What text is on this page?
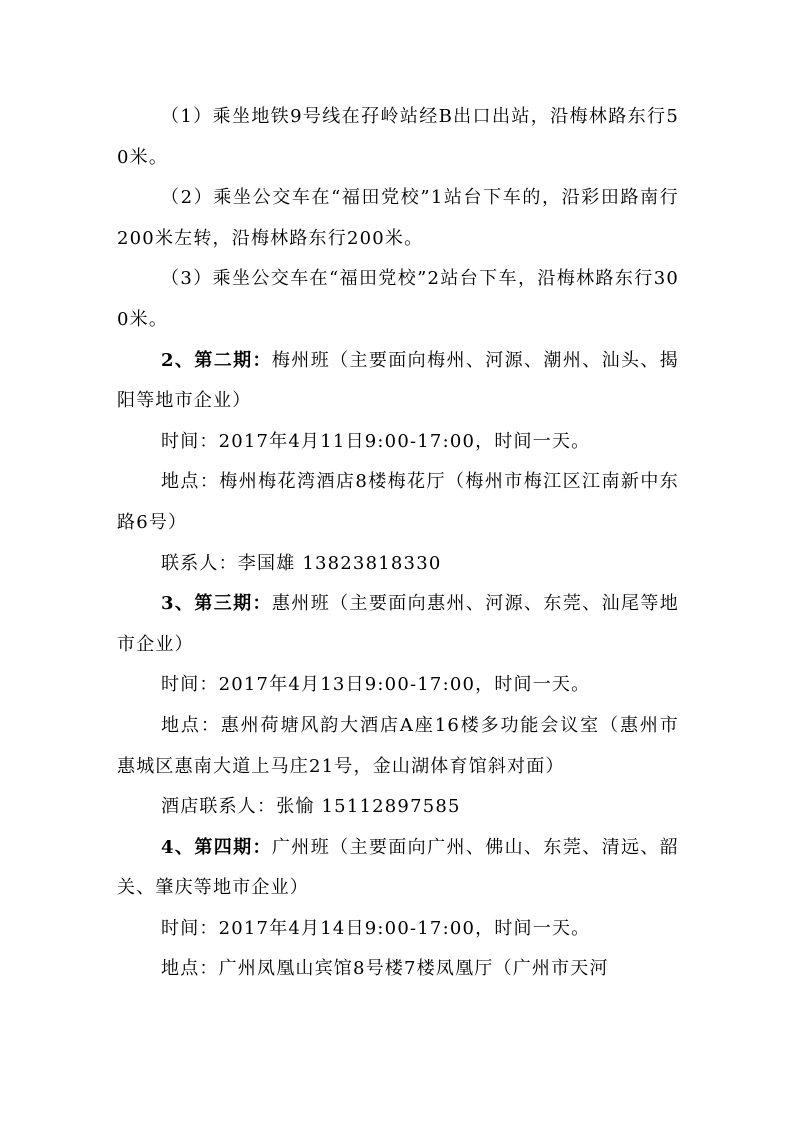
（1）乘坐地铁9号线在孖岭站经B出口出站，沿梅林路东行50米。

（2）乘坐公交车在“福田党校”1站台下车的，沿彩田路南行200米左转，沿梅林路东行200米。

（3）乘坐公交车在“福田党校”2站台下车，沿梅林路东行300米。

2、第二期：梅州班（主要面向梅州、河源、潮州、汕头、揭阳等地市企业）

时间：2017年4月11日9:00-17:00，时间一天。

地点：梅州梅花湾酒店8楼梅花厅（梅州市梅江区江南新中东路6号）

联系人：李国雄 13823818330

3、第三期：惠州班（主要面向惠州、河源、东莞、汕尾等地市企业）

时间：2017年4月13日9:00-17:00，时间一天。

地点：惠州荷塘风韵大酒店A座16楼多功能会议室（惠州市惠城区惠南大道上马庄21号，金山湖体育馆斜对面）

酒店联系人：张愉 15112897585

4、第四期：广州班（主要面向广州、佛山、东莞、清远、韶关、肇庆等地市企业）

时间：2017年4月14日9:00-17:00，时间一天。

地点：广州凤凰山宾馆8号楼7楼凤凰厅（广州市天河
